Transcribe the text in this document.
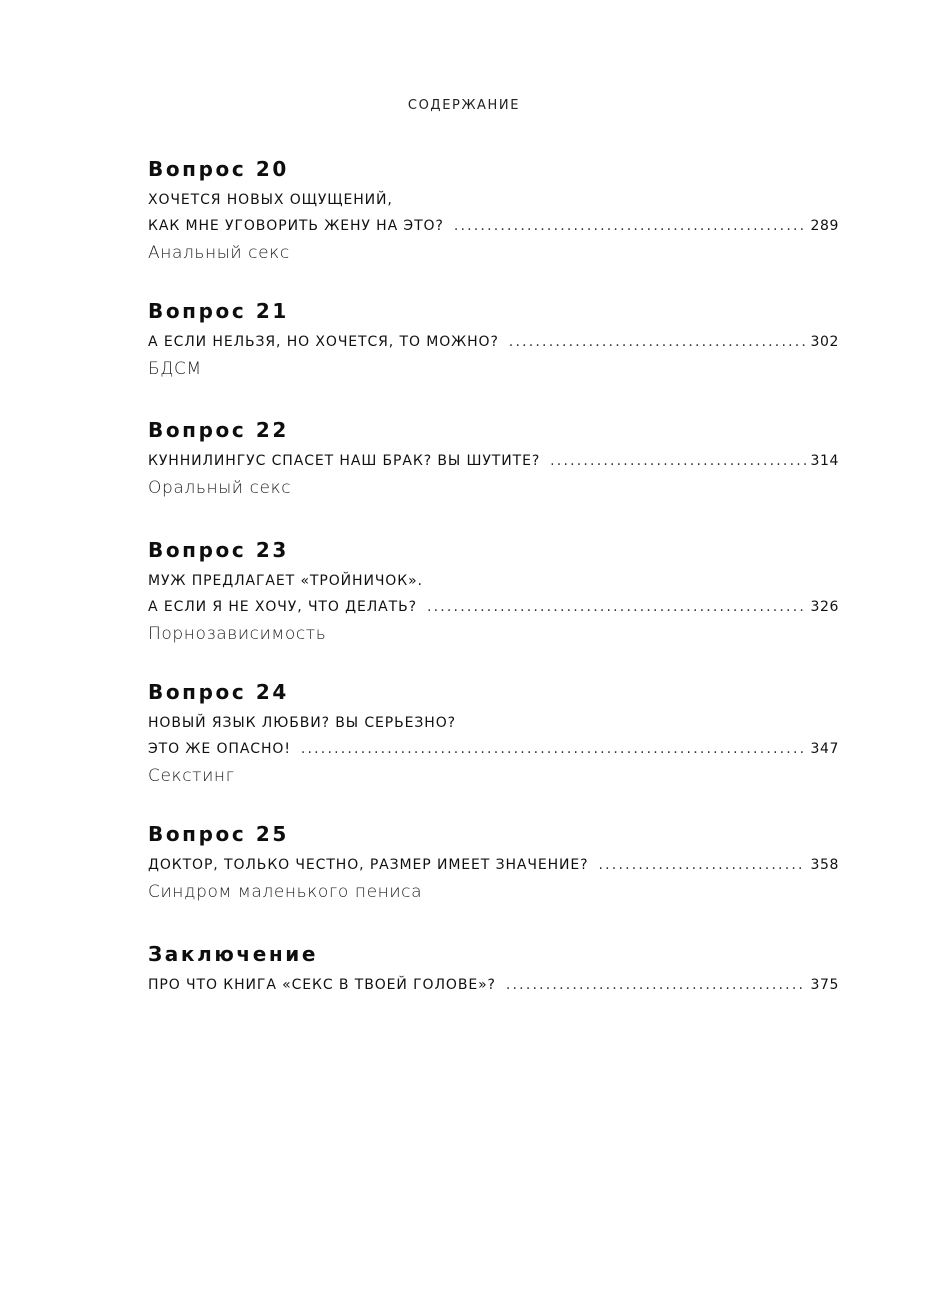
СОДЕРЖАНИЕ
Вопрос 20
ХОЧЕТСЯ НОВЫХ ОЩУЩЕНИЙ,
КАК МНЕ УГОВОРИТЬ ЖЕНУ НА ЭТО? .....	289
Анальный секс
Вопрос 21
А ЕСЛИ НЕЛЬЗЯ, НО ХОЧЕТСЯ, ТО МОЖНО? .....	302
БДСМ
Вопрос 22
КУННИЛИНГУС СПАСЕТ НАШ БРАК? ВЫ ШУТИТЕ? .....	314
Оральный секс
Вопрос 23
МУЖ ПРЕДЛАГАЕТ «ТРОЙНИЧОК».
А ЕСЛИ Я НЕ ХОЧУ, ЧТО ДЕЛАТЬ? .....	326
Порнозависимость
Вопрос 24
НОВЫЙ ЯЗЫК ЛЮБВИ? ВЫ СЕРЬЕЗНО?
ЭТО ЖЕ ОПАСНО! .....	347
Секстинг
Вопрос 25
ДОКТОР, ТОЛЬКО ЧЕСТНО, РАЗМЕР ИМЕЕТ ЗНАЧЕНИЕ? .....	358
Синдром маленького пениса
Заключение
ПРО ЧТО КНИГА «СЕКС В ТВОЕЙ ГОЛОВЕ»? .....	375
